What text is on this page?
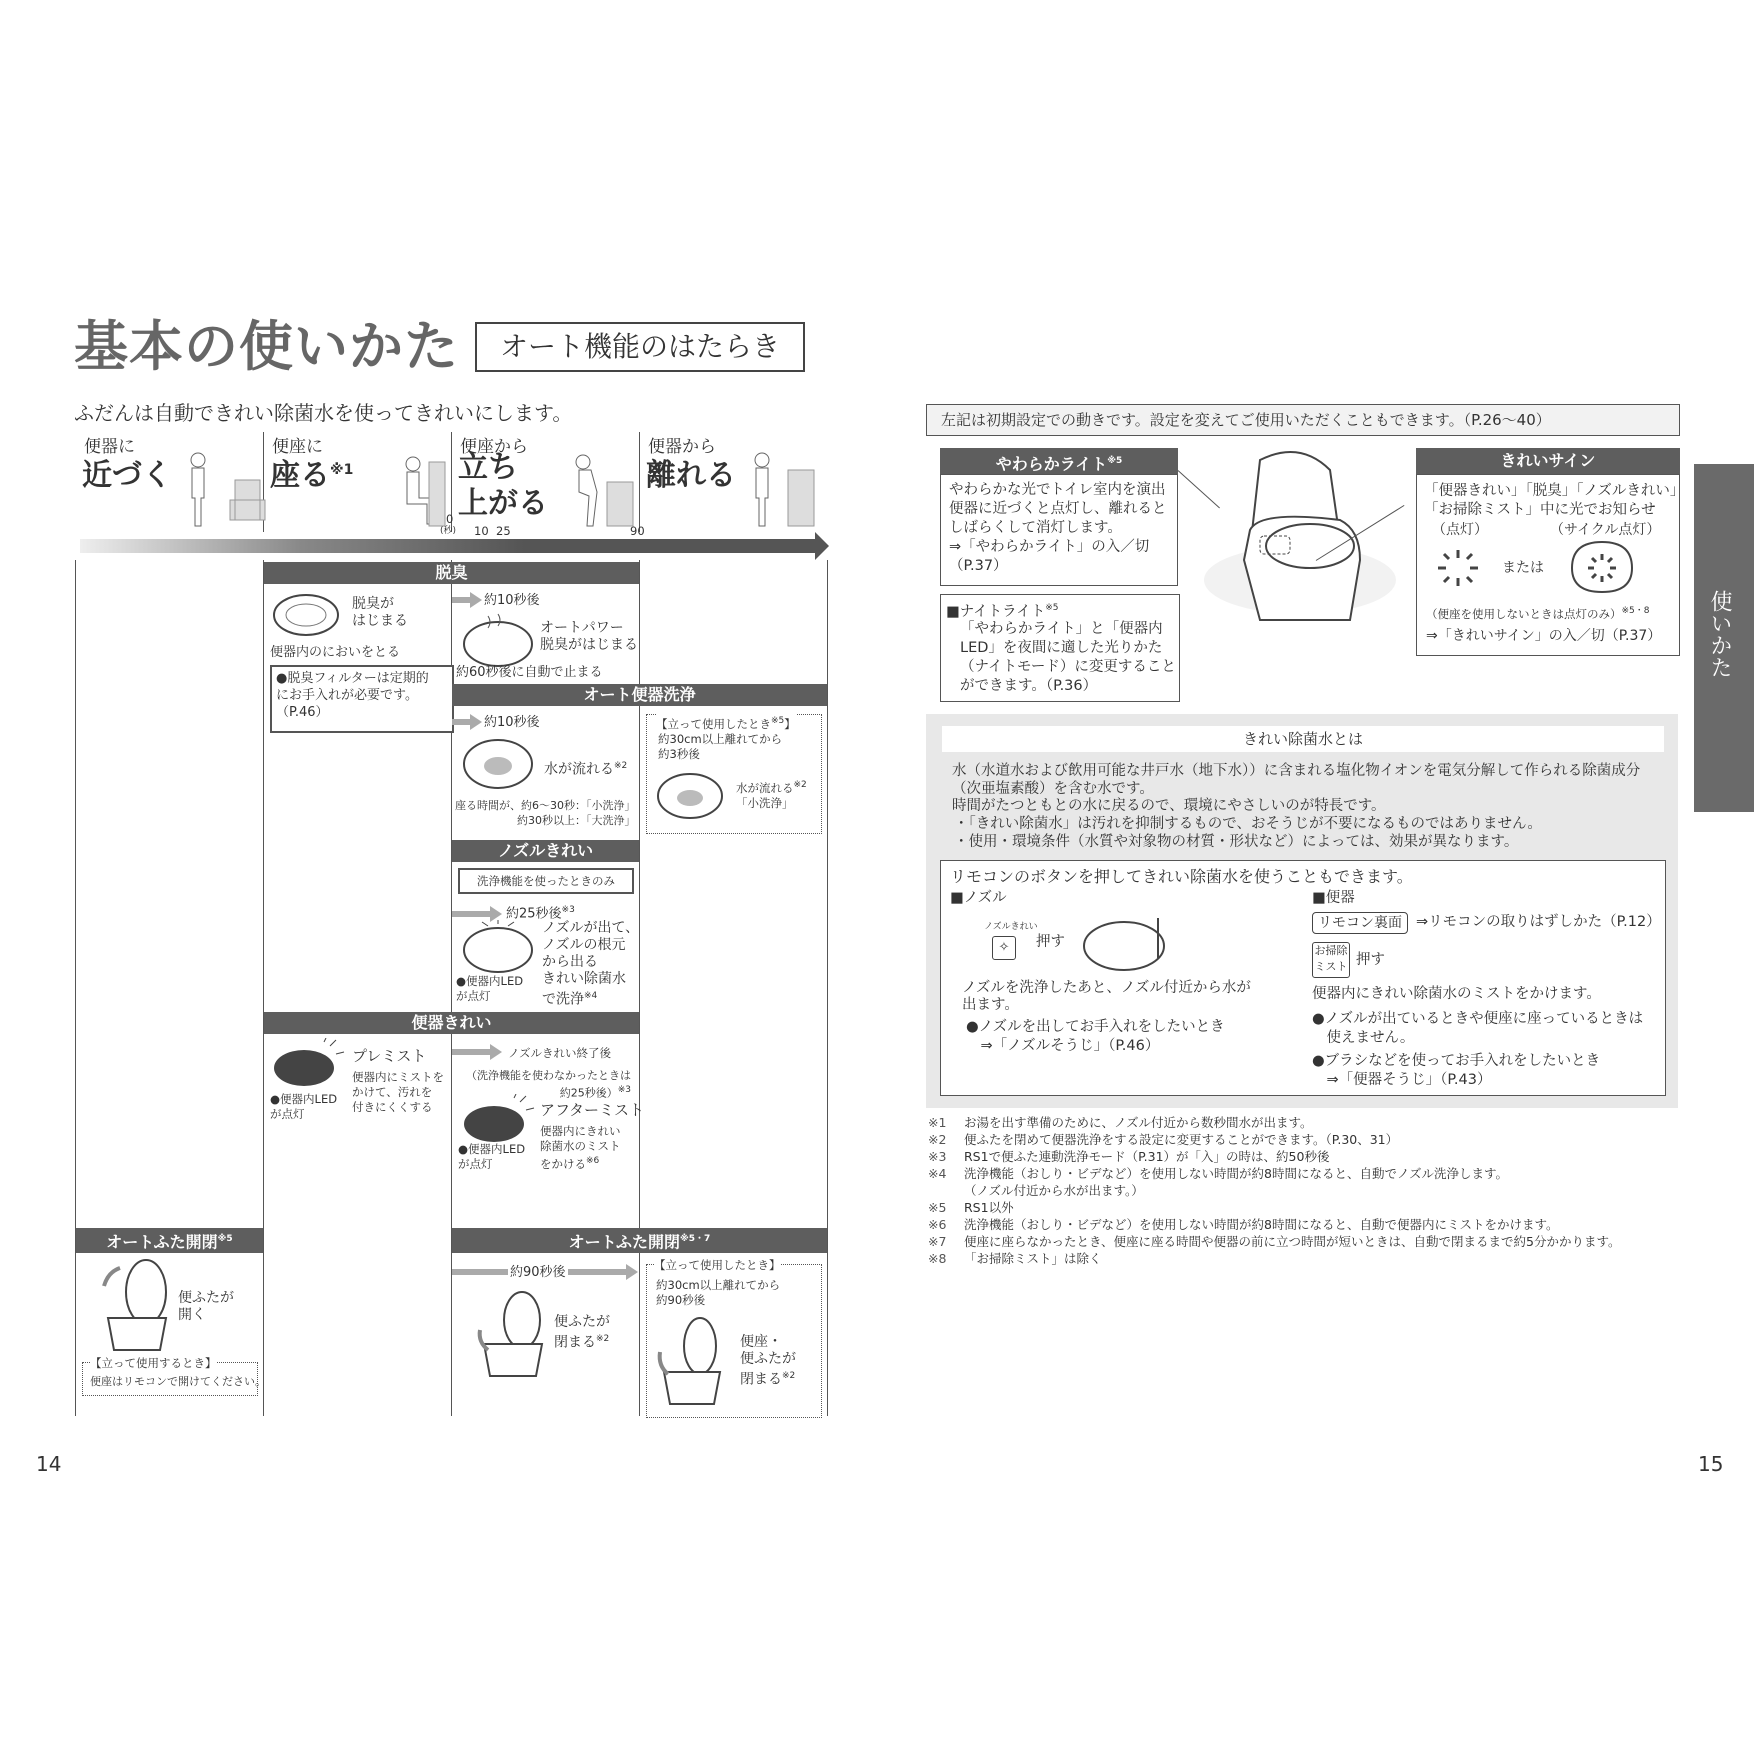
基本の使いかた	オート機能のはたらき
ふだんは自動できれい除菌水を使ってきれいにします。
便器に
近づく
便座に
座る$^{※1}$
便座から
立ち
上がる
便器から
離れる
0
(秒) 10 25	90
脱臭
脱臭が
はじまる
便器内のにおいをとる
●脱臭フィルターは定期的
にお手入れが必要です。
（P.46）
約10秒後
オートパワー
脱臭がはじまる
約60秒後に自動で止まる
オート便器洗浄
約10秒後
水が流れる$^{※2}$
座る時間が、約6～30秒：「小洗浄」
約30秒以上：「大洗浄」
【立って使用したとき$^{※5}$】
約30cm以上離れてから
約3秒後
水が流れる$^{※2}$
「小洗浄」
ノズルきれい
洗浄機能を使ったときのみ
約25秒後$^{※3}$
ノズルが出て、
ノズルの根元
から出る
きれい除菌水
で洗浄$^{※4}$
●便器内LED
が点灯
便器きれい
プレミスト
便器内にミストを
かけて、汚れを
付きにくくする
●便器内LED
が点灯
ノズルきれい終了後
（洗浄機能を使わなかったときは
約25秒後）$^{※3}$
アフターミスト
便器内にきれい
除菌水のミスト
をかける$^{※6}$
●便器内LED
が点灯
オートふた開閉$^{※5}$
便ふたが
開く
【立って使用するとき】
便座はリモコンで開けてください。
オートふた開閉$^{※5・7}$
約90秒後
便ふたが
閉まる$^{※2}$
【立って使用したとき】
約30cm以上離れてから
約90秒後
便座・
便ふたが
閉まる$^{※2}$
14
左記は初期設定での動きです。設定を変えてご使用いただくこともできます。（P.26～40）
やわらかライト$^{※5}$
やわらかな光でトイレ室内を演出
便器に近づくと点灯し、離れると
しばらくして消灯します。
⇒「やわらかライト」の入／切
（P.37）
■ナイトライト$^{※5}$
「やわらかライト」と「便器内
LED」を夜間に適した光りかた
（ナイトモード）に変更すること
ができます。（P.36）
きれいサイン
「便器きれい」「脱臭」「ノズルきれい」
「お掃除ミスト」中に光でお知らせ
（点灯）	（サイクル点灯）
または
（便座を使用しないときは点灯のみ）$^{※5・8}$
⇒「きれいサイン」の入／切（P.37）
きれい除菌水とは
水（水道水および飲用可能な井戸水（地下水））に含まれる塩化物イオンを電気分解して作られる除菌成分
（次亜塩素酸）を含む水です。
時間がたつともとの水に戻るので、環境にやさしいのが特長です。
・「きれい除菌水」は汚れを抑制するもので、おそうじが不要になるものではありません。
・使用・環境条件（水質や対象物の材質・形状など）によっては、効果が異なります。
リモコンのボタンを押してきれい除菌水を使うこともできます。
■ノズル
ノズルきれい
✧	押す
ノズルを洗浄したあと、ノズル付近から水が
出ます。
●ノズルを出してお手入れをしたいとき
　⇒「ノズルそうじ」（P.46）
■便器
リモコン裏面 ⇒リモコンの取りはずしかた（P.12）
お掃除
ミスト 押す
便器内にきれい除菌水のミストをかけます。
●ノズルが出ているときや便座に座っているときは
　使えません。
●ブラシなどを使ってお手入れをしたいとき
　⇒「便器そうじ」（P.43）
※1	お湯を出す準備のために、ノズル付近から数秒間水が出ます。
※2	便ふたを閉めて便器洗浄をする設定に変更することができます。（P.30、31）
※3	RS1で便ふた連動洗浄モード（P.31）が「入」の時は、約50秒後
※4	洗浄機能（おしり・ビデなど）を使用しない時間が約8時間になると、自動でノズル洗浄します。
（ノズル付近から水が出ます。）
※5	RS1以外
※6	洗浄機能（おしり・ビデなど）を使用しない時間が約8時間になると、自動で便器内にミストをかけます。
※7	便座に座らなかったとき、便座に座る時間や便器の前に立つ時間が短いときは、自動で閉まるまで約5分かかります。
※8	「お掃除ミスト」は除く
使いかた
15
